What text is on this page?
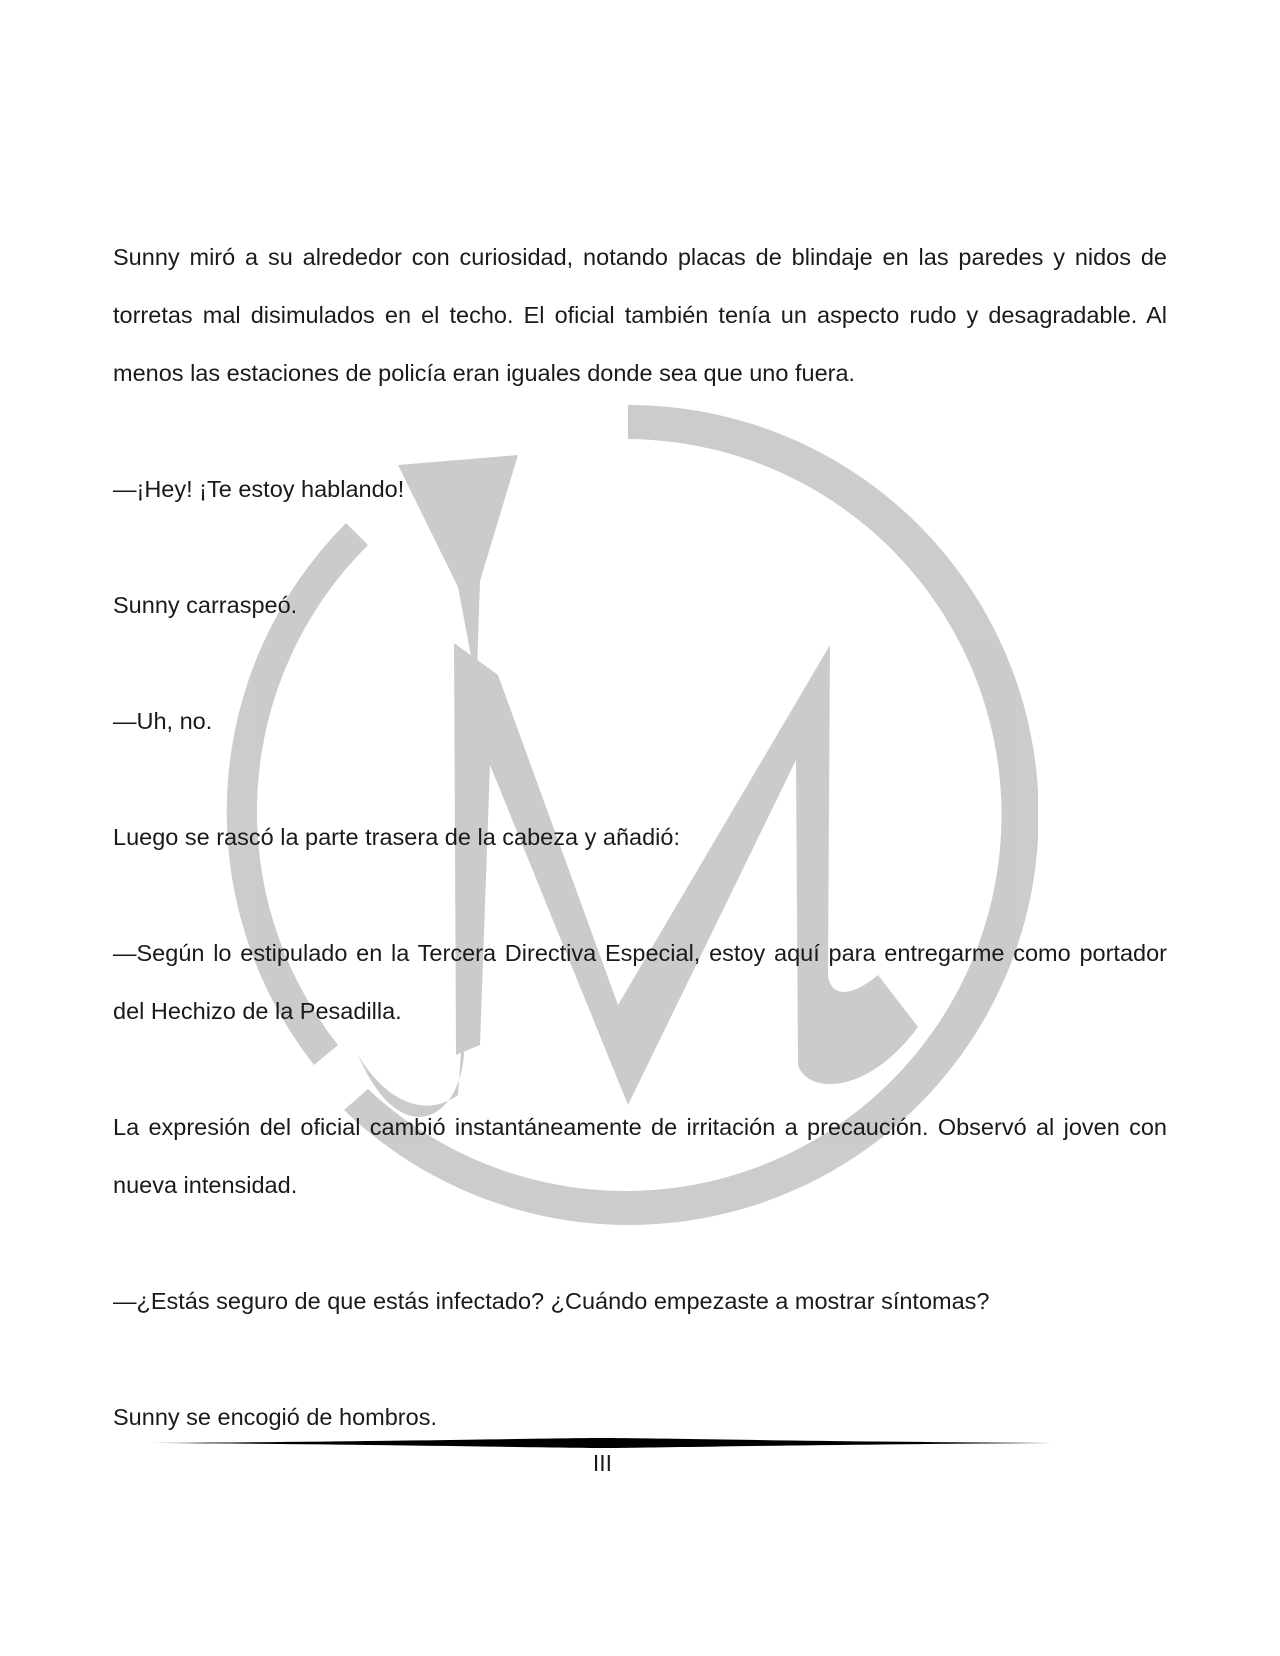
Sunny miró a su alrededor con curiosidad, notando placas de blindaje en las paredes y nidos de torretas mal disimulados en el techo. El oficial también tenía un aspecto rudo y desagradable. Al menos las estaciones de policía eran iguales donde sea que uno fuera.

—¡Hey! ¡Te estoy hablando!

Sunny carraspeó.

—Uh, no.

Luego se rascó la parte trasera de la cabeza y añadió:

—Según lo estipulado en la Tercera Directiva Especial, estoy aquí para entregarme como portador del Hechizo de la Pesadilla.

La expresión del oficial cambió instantáneamente de irritación a precaución. Observó al joven con nueva intensidad.

—¿Estás seguro de que estás infectado? ¿Cuándo empezaste a mostrar síntomas?

Sunny se encogió de hombros.

III
